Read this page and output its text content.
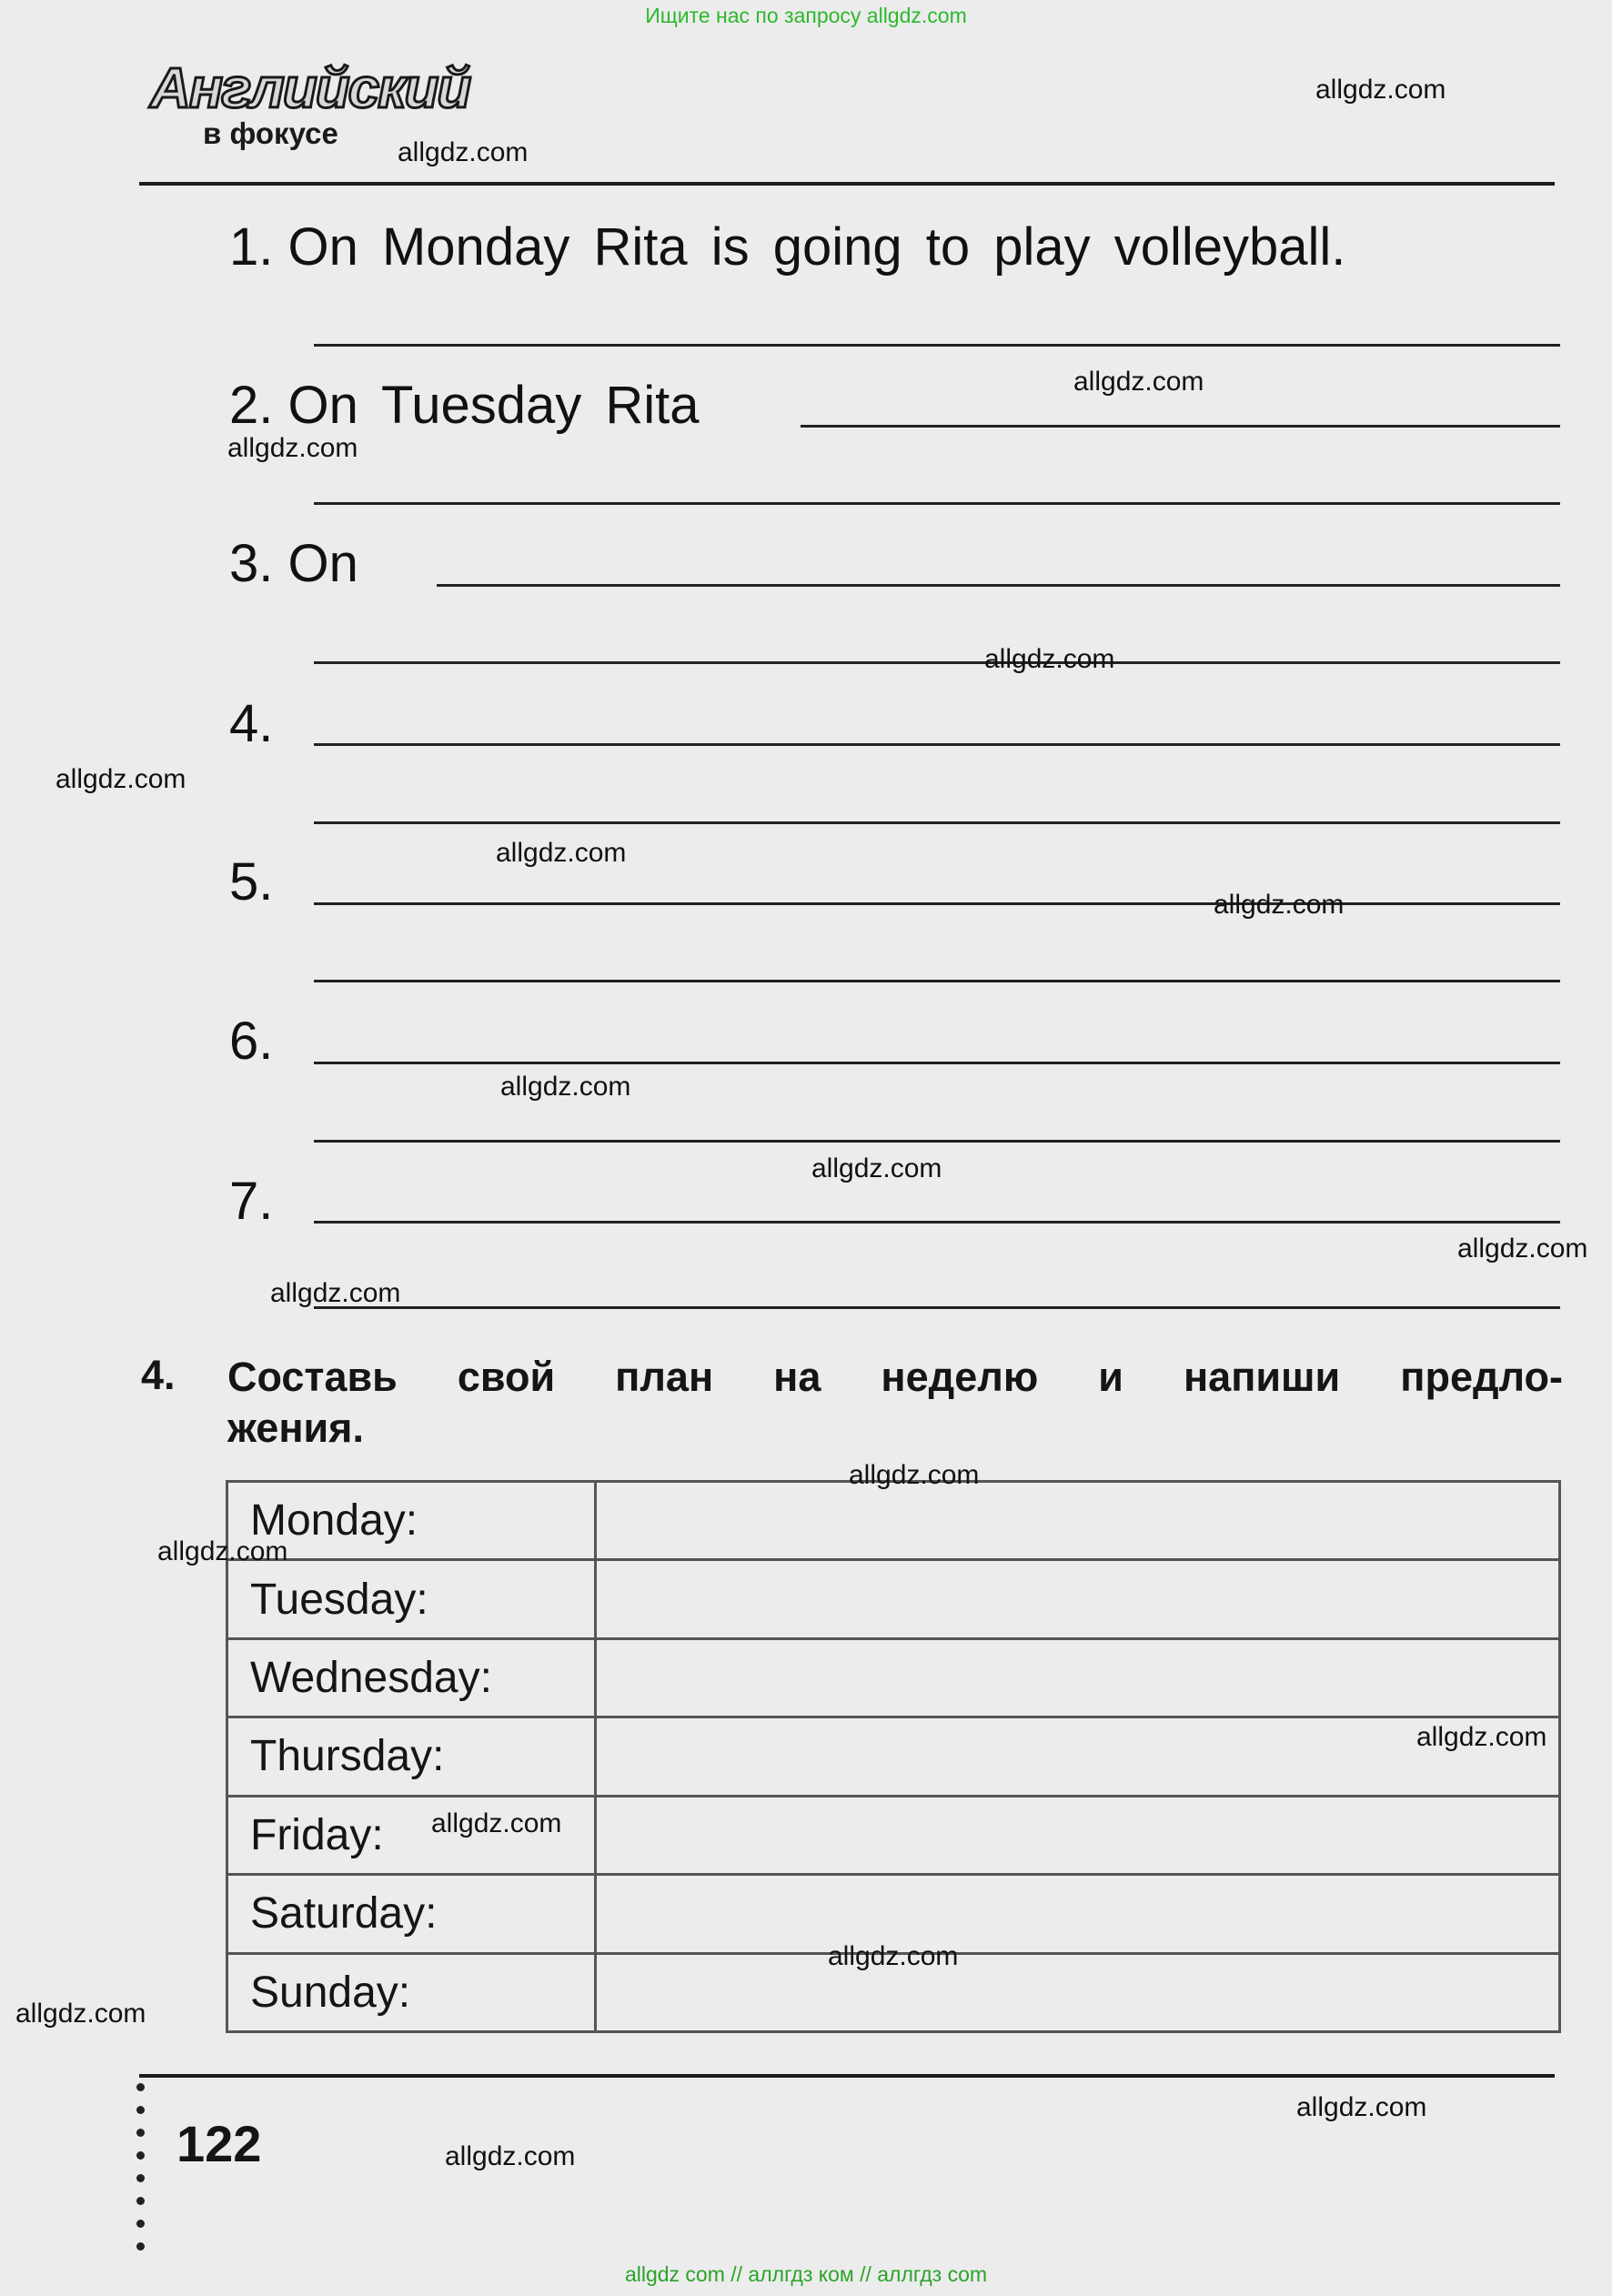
Ищите нас по запросу allgdz.com
Английский
в фокусе
1. On Monday Rita is going to play volleyball.
2. On Tuesday Rita
3. On
4.
5.
6.
7.
4. Составь свой план на неделю и напиши предло-
жения.
Monday:	
Tuesday:	
Wednesday:	
Thursday:	
Friday:	
Saturday:	
Sunday:	
122
allgdz.com
allgdz.com
allgdz.com
allgdz.com
allgdz.com
allgdz.com
allgdz.com
allgdz.com
allgdz.com
allgdz.com
allgdz.com
allgdz.com
allgdz.com
allgdz.com
allgdz.com
allgdz.com
allgdz.com
allgdz.com
allgdz.com
allgdz.com
allgdz com // аллгдз ком // аллгдз com
